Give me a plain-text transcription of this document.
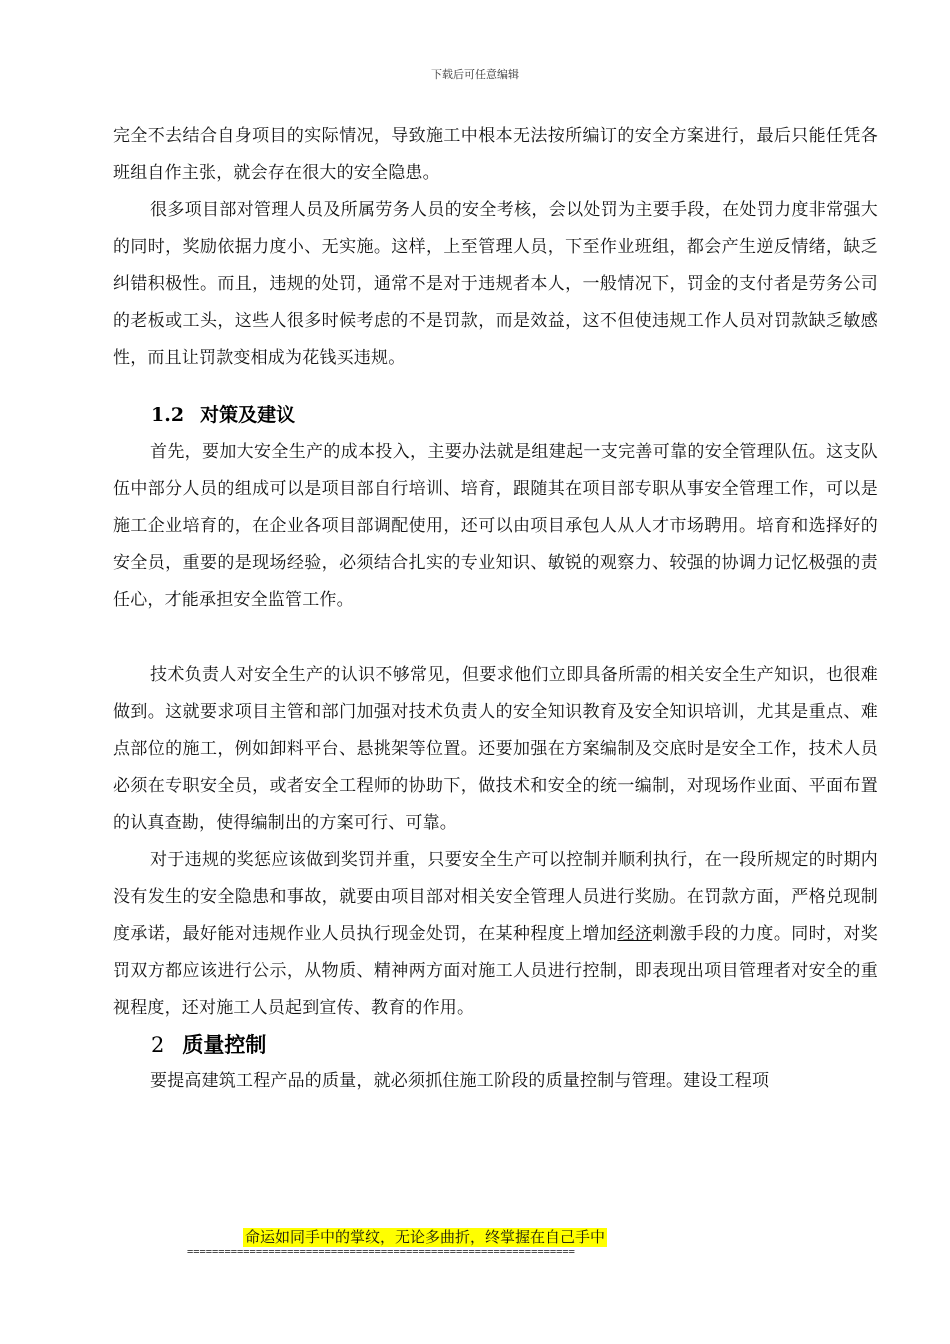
下载后可任意编辑

完全不去结合自身项目的实际情况，导致施工中根本无法按所编订的安全方案进行，最后只能任凭各班组自作主张，就会存在很大的安全隐患。

很多项目部对管理人员及所属劳务人员的安全考核，会以处罚为主要手段，在处罚力度非常强大的同时，奖励依据力度小、无实施。这样，上至管理人员，下至作业班组，都会产生逆反情绪，缺乏纠错积极性。而且，违规的处罚，通常不是对于违规者本人，一般情况下，罚金的支付者是劳务公司的老板或工头，这些人很多时候考虑的不是罚款，而是效益，这不但使违规工作人员对罚款缺乏敏感性，而且让罚款变相成为花钱买违规。

1.2 对策及建议

首先，要加大安全生产的成本投入，主要办法就是组建起一支完善可靠的安全管理队伍。这支队伍中部分人员的组成可以是项目部自行培训、培育，跟随其在项目部专职从事安全管理工作，可以是施工企业培育的，在企业各项目部调配使用，还可以由项目承包人从人才市场聘用。培育和选择好的安全员，重要的是现场经验，必须结合扎实的专业知识、敏锐的观察力、较强的协调力记忆极强的责任心，才能承担安全监管工作。

技术负责人对安全生产的认识不够常见，但要求他们立即具备所需的相关安全生产知识，也很难做到。这就要求项目主管和部门加强对技术负责人的安全知识教育及安全知识培训，尤其是重点、难点部位的施工，例如卸料平台、悬挑架等位置。还要加强在方案编制及交底时是安全工作，技术人员必须在专职安全员，或者安全工程师的协助下，做技术和安全的统一编制，对现场作业面、平面布置的认真查勘，使得编制出的方案可行、可靠。

对于违规的奖惩应该做到奖罚并重，只要安全生产可以控制并顺利执行，在一段所规定的时期内没有发生的安全隐患和事故，就要由项目部对相关安全管理人员进行奖励。在罚款方面，严格兑现制度承诺，最好能对违规作业人员执行现金处罚，在某种程度上增加经济刺激手段的力度。同时，对奖罚双方都应该进行公示，从物质、精神两方面对施工人员进行控制，即表现出项目管理者对安全的重视程度，还对施工人员起到宣传、教育的作用。

2 质量控制

要提高建筑工程产品的质量，就必须抓住施工阶段的质量控制与管理。建设工程项

命运如同手中的掌纹，无论多曲折，终掌握在自己手中
==============================================================
